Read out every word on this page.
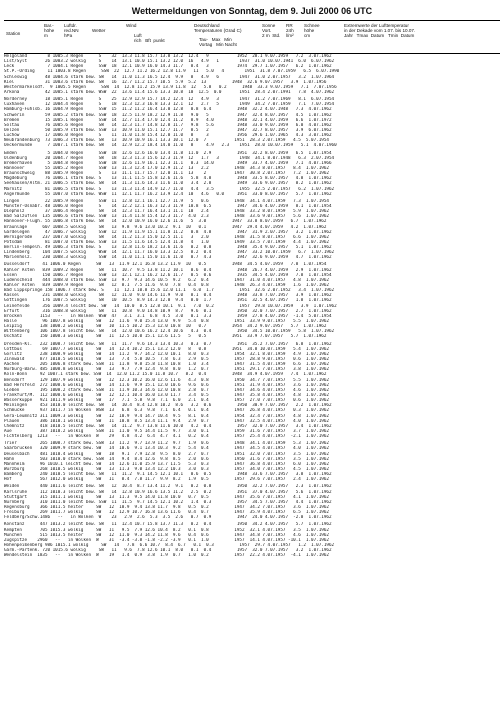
Wettermeldungen von Sonntag, dem 9. Juli 2000 06 UTC
Station
Bar.-
höhe
m
Luftdr.
red.NN
hPa
Wetter
Wind
Luft
rich   Bft  punkt
Deutschland
Temperaturen (Grad C)
Tau-   Max   Min
Vortag   Min Nacht
Sonne
Vort.
2 m  Std.
RR
24h
l/m²
Schnee
höhe
cm
Extremwerte der Lufttemperatur
in der Dekade vom 1.07. bis 10.07.
Jahr   Tmax  Datum   Tmin  Datum
Helgoland        8 1005.3 Regen      S    32  13.3 11.8 15.7 13.8 13.2  12.4   9           1952  28.1 9.07.1959   7.2  3.07.1962
List/Sylt       26 1003.2 wolkig     S    14  13.1 10.0 15.1 13.2 12.0  16   4.9   1        1937  31.0 10.07.1941  6.0  6.07.1962
Leck             7 1004.1 Regen      SSW  18  12.1 10.9 16.0 14.3 11.7   8.4   3           1974  29.7 1.07.1957   6.2  1.07.1962
St.P.-Ording     11 1003.8 Regen      SSW  22  12.7 11.2 16.2 12.8 11.9   11   5.0   4        1951  31.8 7.07.1959   6.5  6.07.1990
Schleswig       48 1004.6 stark bew. SW   14  11.0 11.3 16.5 12.4  9.9   8   4.9   6        1947  31.0 2.07.1957   3.2  1.07.1964
Kiel            31 1003.6 stark bew. SW   16  12.7 11.2 15.7 10.5  5.9  5.2  13          1948  32.6 9.07.1957   3.9  1.07.1956
Westermarkelsdf.  9 1005.5 Regen      SSW  14  12.8 11.2 15.9 13.9 11.8  12   5.8   0.2      1948  33.3 9.07.1959   7.1  7.07.1956
Arkona          42 1005.1 stark bew. WSW  22  13.6 11.4 15.6 13.3 10.8  10  12.5  0.0       1951  28.4 2.07.1991   7.8  4.07.1962
Norderney       18 1005.1 Regen      S    25  12.9 12.9 15.7 14.2 12.4  12   4.9   3        1947  31.2 7.07.1969   8.1  6.07.1954
Cuxhaven        12 1004.4 Regen      S    18  12.3 12.3 16.8 13.3 12.1  12   2.7   5        1949  34.2 7.07.1959   7.1  7.07.1954
Hamburg-Fuhlsb. 16 1004.9 Regen      SSW  15  11.2 11.2 16.4 13.0 12.8   0.8  6.4          1948  32.2 4.07.1948   7.3  4.07.1962
Schwerin        59 1005.2 stark bew. SSW  18  12.5 11.9 18.2 12.9 11.8   9.0   5           1947  32.4 8.07.1957   4.5  1.07.1962
Bremen          15 1005.1 Regen      SSW  14  12.7 11.4 17.0 12.4 11.2   8.9   4.0         1948  32.1 4.07.1959   6.6  1.07.1972
Soltau          76 1005.6 Regen      SW   14  12.3 11.7 14.8 12.8 11.7   9.8   5.6         1948  33.0 9.07.1959   6.0  4.07.1962
Uelzen          50 1005.9 stark bew. SSW  13  10.9 11.0 15.1 12.7 11.7   8.5   2           1947  32.7 8.07.1957   3.9  6.07.1962
Lüchow          17 1006.0 Regen      S    11  11.0 11.8 15.4 12.0 11.0   8     3           1956  29.6 1.07.1965   4.3  3.07.1962
Neubrandenburg  73 1006.3 stark bew. SW   13  10.9 10.9 16.1 13.3 10.1  12.0  7           1951  28.3 2.07.1959   4.5  5.07.1954
Ueckermünde      7 1007.1 stark bew. SW   14  12.9 12.2 18.4 14.0 11.0   8     4.9   2.3    1951  28.0 10.07.1959   5.1  4.07.1960
Emden            5 1004.0 Regen      SSW  18  12.6 12.6 16.0 13.4 11.8  11.0  2.9          1951  32.2 8.07.1959   6.5  1.07.1954
Oldenburg       20 1004.7 Regen      SW   18  12.3 11.3 15.6 12.3 11.9  12   1.7   3        1948  34.1 8.07.1948   6.3  2.07.1954
Bremerhaven      5 1004.8 Regen      SSW  18  12.6 11.9 16.1 12.3 11.1   0.3  14.0         1949  33.7 4.07.1959   7.1  4.07.1966
Hannover        55 1005.2 Regen      SSW  13  11.3 12.4 17.0 12.9 11.2  13   2.2          1948  34.3 8.07.1957   8.4  1.07.1962
Braunschweig    88 1005.9 Regen      S    13  11.1 11.7 15.7 12.0 11.1  13    2           1947  30.8 2.07.1957   7.2  1.07.1962
Magdeburg       76 1006.1 stark bew. S    13  11.1 11.5 15.8 12.6 11.6   5.8  4.8          1948  33.5 8.07.1957   4.8  1.07.1962
Seehausen/Altm. 21 1006.5 stark bew. SW   14  11.3 11.6 14.3 11.6 11.0   3.4  2.8          1949  33.6 9.07.1957   8.2  1.07.1962
Marnitz         81 1006.5 stark bew. S    13  11.3 11.4 14.9 12.7 11.0   4.4   3.5          1955  32.5 2.07.1957   6.2  1.07.1962
Angermünde      55 1007.0 stark bew. WSW  11  12.1 11.7 16.2 13.9 12.4  10   4.6   0.0     1951  33.0 8.07.1957   5.7  1.07.1962
Lingen          22 1005.9 Regen      SSW  11  12.8 12.1 16.1 12.7 11.9   5   0.6          1948  34.1 4.07.1959   7.3  1.07.1954
Münster-Osnabr. 48 1006.0 Regen      S    14  12.2 12.1 16.3 12.3 11.9  10.8  6.5          1947  34.6 4.07.1959   8.1  1.07.1954
Diepholz        37 1006.4 Regen      SW   14  12.3 11.7 16.4 13.1 11.1  10   2.4          1948  33.2 8.07.1959   5.9  1.07.1962
Bad Salzuflen  135 1006.6 stark bew. SSW  13  11.4 11.8 15.4 12.3 11.7  4.0  2.3          1948  33.6 9.07.1957   5.6  1.07.1962
Hannover-Flugh. 55 1006.8 stark bew. SW   14  12.0 10.9 16.0 12.6 11.6   5  3.0          1947  33.8 8.07.1959   6.7  1.07.1962
Braunlage      607 1008.5 wolkig     SW   13  9.8  9.6 13.0 10.2  9.1  10   0.1          1947  29.4 4.07.1959   4.2  1.07.1962
Gardelegen      47 1006.7 wolkig     SSW  12  11.9 11.9 15.1 11.8 11.2   0.8  4.8          1947  31.9 2.07.1957   3.2  1.07.1962
Wernigerode    237 1007.0 wolkig     SW   14  11.2 11.3 15.0 12.5 11.1   3   2.0          1948  31.5 8.07.1957   6.6  1.07.1962
Potsdam         81 1007.0 stark bew. SSW  13  11.5 11.6 14.5 12.4 11.8   4   1.0          1949  33.5 7.07.1959   4.4  1.07.1962
Berlin-Tempelh. 49 1006.3 stark bew. S    13  12.8 11.6 18.2 13.6 11.6   0.2  0.8          1948  35.4 9.07.1957   5.1  1.07.1962
Lindenberg     104 1007.5 wolkig     WSW  14  12.1 11.7 16.0 13.3 12.5   8.2  0.4          1947  33.2 10.07.1959   6.7  1.07.1962
Marienhölz.    230 1008.3 wolkig     SSW  14  11.0 11.1 15.0 11.6 11.0   0.7  4.3          1947  32.6 9.07.1959   4.7  1.07.1962
Düsseldorf     41 1006.0 Regen      SW   13  11.9 12.1 16.8 13.2 11.9  10   0.5          1948  34.5 4.07.1959   7.8  1.07.1954
Kahler Asten   839 1009.2 Regen      SW   11  10.7  9.5 13.8 11.2 10.1   0.6  0.4          1948  26.7 4.07.1959   2.9  1.07.1962
Essen          150 1006.7 Regen      SSW  13  12.1 12.1 16.2 12.6 11.7   0.5  0.6          1935  34.5 4.07.1959   7.8  1.07.1954
Lüdenscheid    444 1008.0 stark bew. SSW  13  9.7  9.3 14.6 10.5  9.2   6.2  0.4          1947  31.0 4.07.1957   4.8  1.07.1962
Kahler Asten   839 1009.9 Regen      SW   12  8.1  7.5 11.6  9.0  7.8   0.4  0.8          1948  26.3 4.07.1959   1.6  1.07.1962
Bad Lippspringe 158 1006.7 stark bew. S    11  12.1 10.8 15.6 12.0 11.1   6.0  1.7          1951  32.6 2.07.1952   3.4  1.07.1962
Kassel         231 1008.0 wolkig     SW   12  11.0  9.0 14.6 11.9  9.0   8.1  0.4          1948  33.8 7.07.1957   3.9  1.07.1962
Göttingen      176 1007.5 wolkig     SW   10  10.5  8.9 14.3 12.0  9.4   8.0  1.7          1951  32.5 4.07.1957   1.8  1.07.1962
Leinefelde     356 1009.4 leicht bew. SW   14  10.0  8.5 12.8 10.1  9.1   7.0  0.2          1957  29.8 10.07.1959   3.9  1.07.1962
Erfurt         316 1008.8 wolkig     SW   11  10.8  9.0 14.8 10.9  8.7   9.6  0.1          1950  32.0 7.07.1957   2.7  1.07.1962
Brocken       1153   --   in Wolken  WSW  47   3.1  3.1  6.8  4.5  3.0   0.1  3.3          1959  27.8 4.07.1957  -1.4  5.07.1954
Halle          96 1007.8 wolkig     SW   12  11.6  9.0 15.4 13.0  9.9   5.4  0.8          1951  33.9 9.07.1957   5.5  1.07.1962
Leipzig       138 1008.2 wolkig     SW   10  11.5 10.2 15.3 12.0 10.8  10   0.7          1954  34.2 9.07.1957   5.7  1.07.1962
Wittenberg    106 1007.8 leicht bew. SW   14  12.0 10.6 16.2 12.4 10.6   4.3  0.4          1950  34.5 10.07.1959   5.8  1.07.1962
Oschatz       150 1008.3 wolkig     SW   11  12.5 10.0 15.1 12.6 11.5   5   0.5          1951  33.9 7.07.1957   5.7  1.07.1962
Dresden-Kl.   232 1008.7 leicht bew. SW   11  11.7  9.6 14.3 13.4 10.3   0.3  0.7          1951  35.2 7.07.1957   6.8  1.07.1962
Cottbus        69 1007.7 wolkig     SW   14  12.4 10.2 15.1 13.2 12.0   8   0.8          1951  34.8 10.07.1959   5.4  1.07.1962
Görlitz       238 1008.9 wolkig     SW   14  11.2  9.7 14.2 12.0 10.1   8.0  0.3          1954  32.1 8.07.1959   4.9  1.07.1962
Zinnwald      877 1010.5 wolkig     SW   13   7.4  5.8 10.5  7.8  6.3   2.9  0.5          1957  28.8 9.07.1957   0.6  1.07.1962
Aachen        205 1006.8 stark bew. SSW  11  11.8  9.8 15.8 11.8 10.8   1.0  3.4          1947  31.5 4.07.1959   6.6  1.07.1962
Nürburg-Barw. 485 1008.8 wolkig     SW   13   9.7  7.9 12.4  9.8  8.0   1.2  0.7          1951  29.1 7.07.1957   3.8  1.07.1962
Köln-Bonn     92 1007.1 stark bew. SSW  14  12.0 11.2 15.0 11.8 10.7   8.2  0.4          1948  34.9 4.07.1959   7.4  1.07.1962
Bensdorf      129 1007.9 wolkig     SW   12  12.3 10.2 16.0 12.6 11.6   4.3  0.8          1950  34.7 7.07.1957   5.5  1.07.1962
Bad Hersfeld  272 1008.6 wolkig     SW   14  11.6  9.9 15.1 12.0 10.6   9.6  0.6          1951  31.9 4.07.1957   3.6  1.07.1962
Gießen        195 1008.2 stark bew. SSW  11  11.9 10.3 14.6 12.0 10.8   2.8  0.7          1947  34.6 4.07.1957   4.6  1.07.1962
Frankfurt/M.  112 1008.6 wolkig     SW   12  12.1 10.4 16.0 13.0 11.7   3.4  0.5          1947  35.8 4.07.1957   4.8  1.07.1962
Wasserkuppe   921 1011.9 wolkig     SW   17   7.1  5.8  9.8  7.1  6.0   2.1  0.4          1957  27.0 7.07.1957   0.6  1.07.1962
Meiningen     453 1010.0 leicht bew. SW   14  10.4  8.4 12.8 10.2  8.6   3.2  0.6          1950  30.9 7.07.1957   2.2  1.07.1962
Schmücke      937 1011.7 in Wolken  WSW  13   6.8  6.3  9.8  7.1  6.4   0.1  0.4          1947  26.8 4.07.1957   0.3  1.07.1962
Gera-Leumnitz 311 1009.3 wolkig     SW   12  10.9  9.4 14.7 10.4  9.5   8.1  0.4          1954  32.4 7.07.1957   4.8  1.07.1962
Plauen        386 1010.1 wolkig     SW   11  10.8  8.5 13.4 11.1  9.4   2.9  0.7          1947  32.5 4.07.1957   4.0  1.07.1962
Chemnitz      418 1010.5 leicht bew. SW   14  11.2  9.7 13.8 11.6 10.0   4.2  0.4          1957  32.0 7.07.1957   3.4  1.07.1962
Aue           387 1010.2 wolkig     SSW  11  11.0  9.5 14.4 11.5  9.7   3.0  0.1          1959  31.6 7.07.1957   3.7  1.07.1962
Fichtelberg  1213   --   in Wolken  W    29   4.8  4.2  6.4  4.7  4.1   0.2  0.4          1957  25.4 4.07.1957  -2.1  1.07.1962
Trier         265 1008.7 stark bew. SSW  13  11.2  9.7 13.9 11.2  9.7   1.9  0.6          1948  34.1 4.07.1959   5.3  1.07.1962
Saarbrücken   320 1009.9 stark bew. SW   14  10.6  9.1 13.4 10.3  9.2   5.4  0.4          1947  34.5 4.07.1957   4.0  1.07.1962
Deuselbach    481 1010.4 wolkig     SW   18   9.1  7.9 12.8  9.5  8.0   2.7  0.7          1951  32.0 7.07.1957   3.5  1.07.1962
Hahn          503 1010.0 stark bew. SSW  14   9.4  8.4 12.6  9.8  8.5   2.0  0.6          1950  31.6 7.07.1957   3.5  1.07.1962
Mannheim      96 1010.1 leicht bew. SW   14  12.6 11.0 15.9 13.7 11.5   5.3  0.3          1947  36.8 4.07.1957   6.0  1.07.1962
Würzburg      268 1010.5 wolkig     SW   13  11.3  9.0 13.4 12.2 10.3   3.0  0.3          1957  34.0 7.07.1957   4.5  1.07.1962
Bamberg       240 1010.5 leicht bew. SW   11  11.2  9.1 14.5 12.1 10.1   0.6  0.5          1948  33.6 7.07.1957   3.8  1.07.1962
Hof           567 1012.0 wolkig     SW   11   8.4  7.8 11.7  9.9  8.2   1.9  0.5          1957  29.6 7.07.1957   2.4  1.07.1962
Weiden        440 1011.6 leicht bew. SW   12  10.4  8.7 13.4 11.2  9.1   0.2  0.8          1950  32.2 7.07.1957   2.3  1.07.1962
Karlsruhe     112 1010.3 leicht bew. SW   14  12.8 10.9 16.6 13.5 11.2   2.5  0.2          1951  37.0 4.07.1957   5.6  1.07.1962
Stuttgart     315 1011.1 wolkig     SW   13  11.3  9.5 14.0 11.8 10.0   0.7  0.5          1947  35.6 7.07.1957   4.1  1.07.1962
Nürnberg      310 1011.0 leicht bew. SSW  11  11.5  9.7 14.5 12.1 10.2   1.4  0.3          1957  34.5 7.07.1957   4.4  1.07.1962
Regensburg    366 1011.5 heiter     SW   12  10.9  9.4 13.8 11.7  9.8   0.5  0.2          1947  34.2 7.07.1957   3.6  1.07.1962
Freiburg      269 1011.7 wolkig     SW   12  12.9 10.7 16.8 13.6 11.6   0.4  0.7          1947  35.9 4.07.1957   6.5  1.07.1962
Feldberg/Schw.1486   --   in Wolken  W    23   2.9  2.6  5.3  3.5  2.6   0.7  0.9          1947  24.0 4.07.1957  -2.0  1.07.1962
Konstanz      447 1013.2 leicht bew. SW   11  12.4 10.7 15.8 13.7 11.3   0.2  0.4          1950  34.2 4.07.1957   5.7  1.07.1962
Kempten       705 1015.3 wolkig     SW   11   9.5  7.9 12.6 10.4  8.2   0.1  0.8          1952  32.1 4.07.1957   3.5  1.07.1962
München       515 1013.5 heiter     SW   12  11.0  9.3 14.2 11.8  9.6   0.4  0.6          1947  34.8 7.07.1957   4.6  1.07.1962
Zugspitze    2960   --   in Wolken  W    31  -3.4 -3.8 -1.8 -2.2 -3.9   0.1  1.0          1957  14.1 4.07.1957 -10.1  1.07.1962
Hohenpeißenberg 986 1015.1 wolkig     SW   14   7.8  6.6 10.7  8.4  6.7   0.1  0.3          1957  29.7 4.07.1957   1.2  1.07.1962
Garm.-Partenk. 720 1015.6 wolkig     SW   11   9.6  7.8 12.6 10.1  8.0   0.1  0.4          1957  32.0 7.07.1957   3.2  1.07.1962
Wendelstein  1835   --   in Wolken  W    19   1.4  0.9  3.8  1.9  0.7   1.0  0.2          1957  22.2 4.07.1957  -4.1  1.07.1962
